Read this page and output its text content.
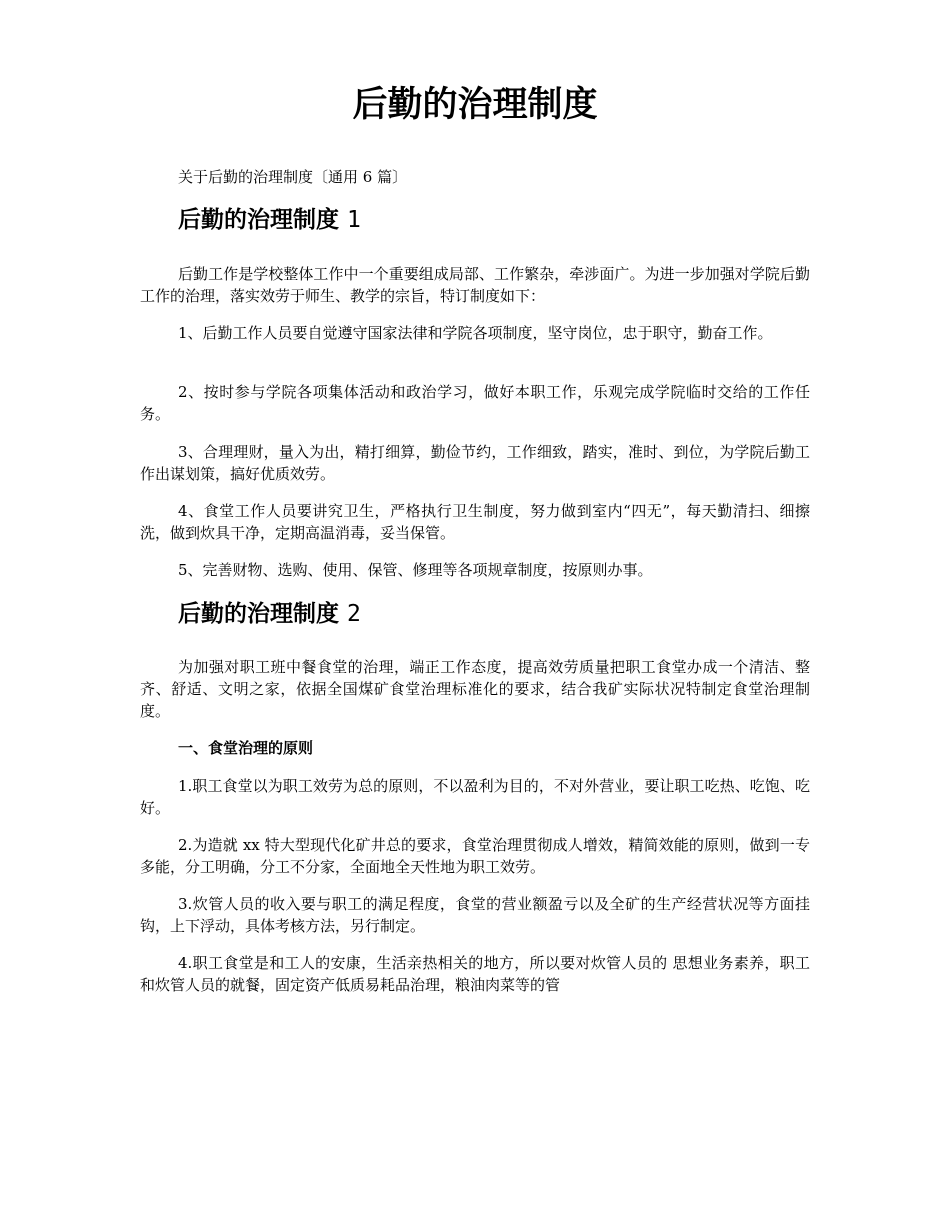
后勤的治理制度

关于后勤的治理制度〔通用 6 篇〕

后勤的治理制度 1

后勤工作是学校整体工作中一个重要组成局部、工作繁杂，牵涉面广。为进一步加强对学院后勤工作的治理，落实效劳于师生、教学的宗旨，特订制度如下：

1、后勤工作人员要自觉遵守国家法律和学院各项制度，坚守岗位，忠于职守，勤奋工作。

2、按时参与学院各项集体活动和政治学习，做好本职工作，乐观完成学院临时交给的工作任务。

3、合理理财，量入为出，精打细算，勤俭节约，工作细致，踏实，准时、到位，为学院后勤工作出谋划策，搞好优质效劳。

4、食堂工作人员要讲究卫生，严格执行卫生制度，努力做到室内“四无”，每天勤清扫、细擦洗，做到炊具干净，定期高温消毒，妥当保管。

5、完善财物、选购、使用、保管、修理等各项规章制度，按原则办事。

后勤的治理制度 2

为加强对职工班中餐食堂的治理，端正工作态度，提高效劳质量把职工食堂办成一个清洁、整齐、舒适、文明之家，依据全国煤矿食堂治理标准化的要求，结合我矿实际状况特制定食堂治理制度。

一、食堂治理的原则

1.职工食堂以为职工效劳为总的原则，不以盈利为目的，不对外营业，要让职工吃热、吃饱、吃好。

2.为造就 xx 特大型现代化矿井总的要求，食堂治理贯彻成人增效，精简效能的原则，做到一专多能，分工明确，分工不分家，全面地全天性地为职工效劳。

3.炊管人员的收入要与职工的满足程度，食堂的营业额盈亏以及全矿的生产经营状况等方面挂钩，上下浮动，具体考核方法，另行制定。

4.职工食堂是和工人的安康，生活亲热相关的地方，所以要对炊管人员的 思想业务素养，职工和炊管人员的就餐，固定资产低质易耗品治理，粮油肉菜等的管
